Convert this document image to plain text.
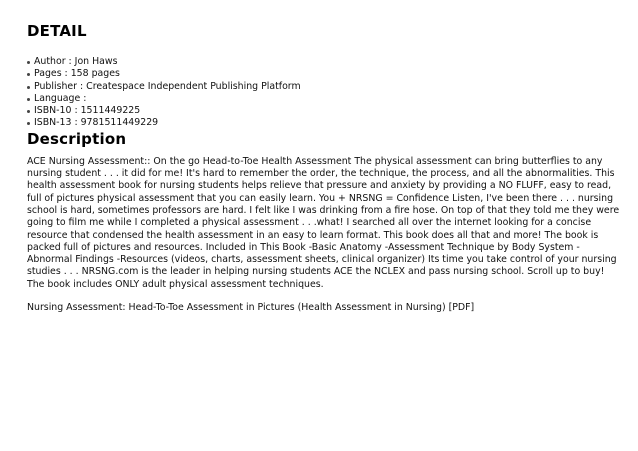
DETAIL
Author : Jon Haws
Pages : 158 pages
Publisher : Createspace Independent Publishing Platform
Language :
ISBN-10 : 1511449225
ISBN-13 : 9781511449229
Description
ACE Nursing Assessment:: On the go Head-to-Toe Health Assessment The physical assessment can bring butterflies to any
nursing student . . . it did for me! It's hard to remember the order, the technique, the process, and all the abnormalities. This
health assessment book for nursing students helps relieve that pressure and anxiety by providing a NO FLUFF, easy to read,
full of pictures physical assessment that you can easily learn. You + NRSNG = Confidence Listen, I've been there . . . nursing
school is hard, sometimes professors are hard. I felt like I was drinking from a fire hose. On top of that they told me they were
going to film me while I completed a physical assessment . . .what! I searched all over the internet looking for a concise
resource that condensed the health assessment in an easy to learn format. This book does all that and more! The book is
packed full of pictures and resources. Included in This Book -Basic Anatomy -Assessment Technique by Body System -
Abnormal Findings -Resources (videos, charts, assessment sheets, clinical organizer) Its time you take control of your nursing
studies . . . NRSNG.com is the leader in helping nursing students ACE the NCLEX and pass nursing school. Scroll up to buy!
The book includes ONLY adult physical assessment techniques.
Nursing Assessment: Head-To-Toe Assessment in Pictures (Health Assessment in Nursing) [PDF]
